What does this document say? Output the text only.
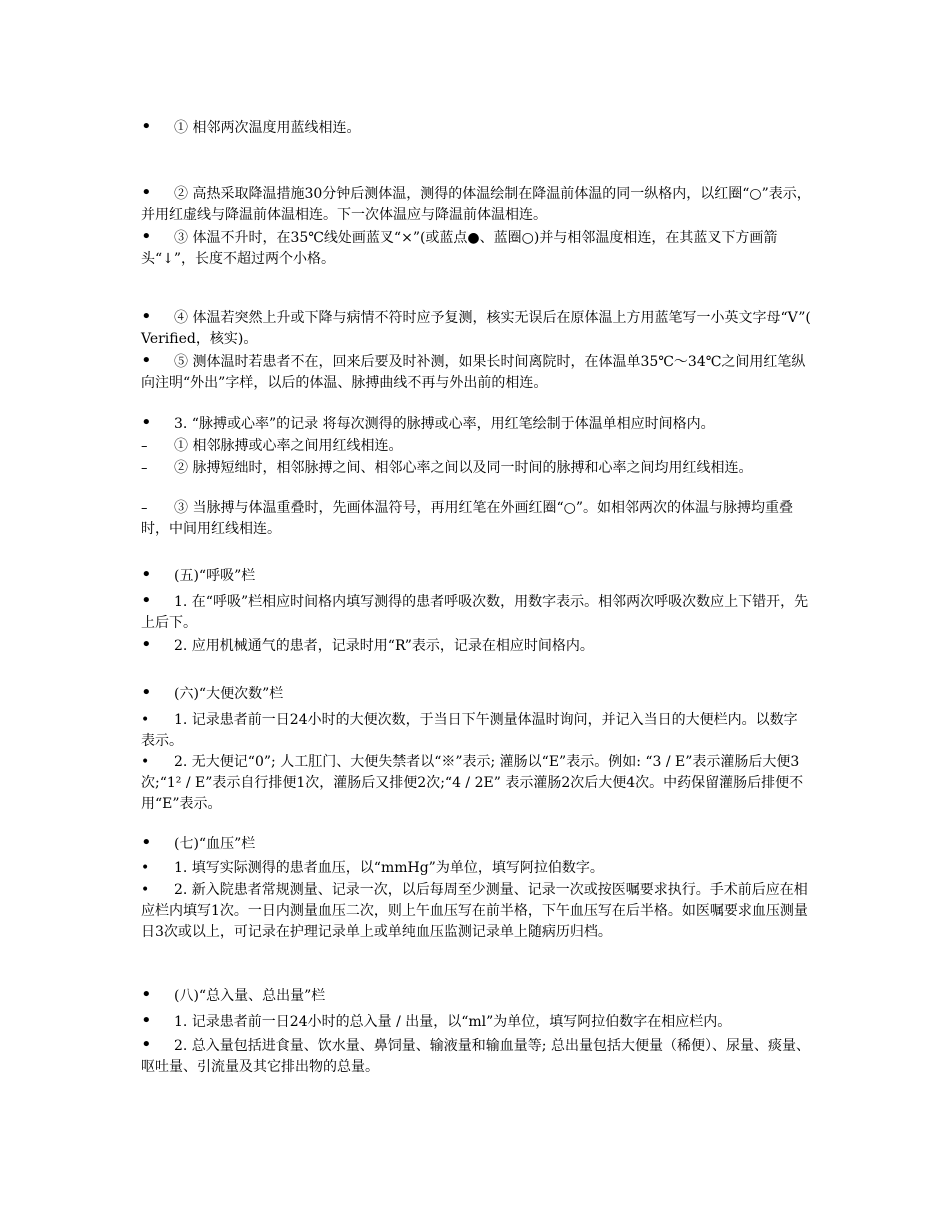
• ① 相邻两次温度用蓝线相连。

• ② 高热采取降温措施30分钟后测体温，测得的体温绘制在降温前体温的同一纵格内，以红圈“○”表示，并用红虚线与降温前体温相连。下一次体温应与降温前体温相连。

• ③ 体温不升时，在35℃线处画蓝叉“×”(或蓝点●、蓝圈○)并与相邻温度相连，在其蓝叉下方画箭头“↓”，长度不超过两个小格。

• ④ 体温若突然上升或下降与病情不符时应予复测，核实无误后在原体温上方用蓝笔写一小英文字母“V”( Verified，核实)。

• ⑤ 测体温时若患者不在，回来后要及时补测，如果长时间离院时，在体温单35℃～34℃之间用红笔纵向注明“外出”字样，以后的体温、脉搏曲线不再与外出前的相连。

• 3. “脉搏或心率”的记录 将每次测得的脉搏或心率，用红笔绘制于体温单相应时间格内。

– ① 相邻脉搏或心率之间用红线相连。

– ② 脉搏短绌时，相邻脉搏之间、相邻心率之间以及同一时间的脉搏和心率之间均用红线相连。

– ③ 当脉搏与体温重叠时，先画体温符号，再用红笔在外画红圈“○”。如相邻两次的体温与脉搏均重叠时，中间用红线相连。

• (五)“呼吸”栏

• 1. 在“呼吸”栏相应时间格内填写测得的患者呼吸次数，用数字表示。相邻两次呼吸次数应上下错开，先上后下。

• 2. 应用机械通气的患者，记录时用“R”表示，记录在相应时间格内。

• (六)“大便次数”栏

• 1. 记录患者前一日24小时的大便次数，于当日下午测量体温时询问，并记入当日的大便栏内。以数字表示。

• 2. 无大便记“0”; 人工肛门、大便失禁者以“※”表示; 灌肠以“E”表示。例如: “3 / E”表示灌肠后大便3次;“1² / E”表示自行排便1次，灌肠后又排便2次;“4 / 2E” 表示灌肠2次后大便4次。中药保留灌肠后排便不用“E”表示。

• (七)“血压”栏

• 1. 填写实际测得的患者血压，以“mmHg”为单位，填写阿拉伯数字。

• 2. 新入院患者常规测量、记录一次，以后每周至少测量、记录一次或按医嘱要求执行。手术前后应在相应栏内填写1次。一日内测量血压二次，则上午血压写在前半格，下午血压写在后半格。如医嘱要求血压测量日3次或以上，可记录在护理记录单上或单纯血压监测记录单上随病历归档。

• (八)“总入量、总出量”栏

• 1. 记录患者前一日24小时的总入量 / 出量，以“ml”为单位，填写阿拉伯数字在相应栏内。

• 2. 总入量包括进食量、饮水量、鼻饲量、输液量和输血量等; 总出量包括大便量（稀便）、尿量、痰量、呕吐量、引流量及其它排出物的总量。
